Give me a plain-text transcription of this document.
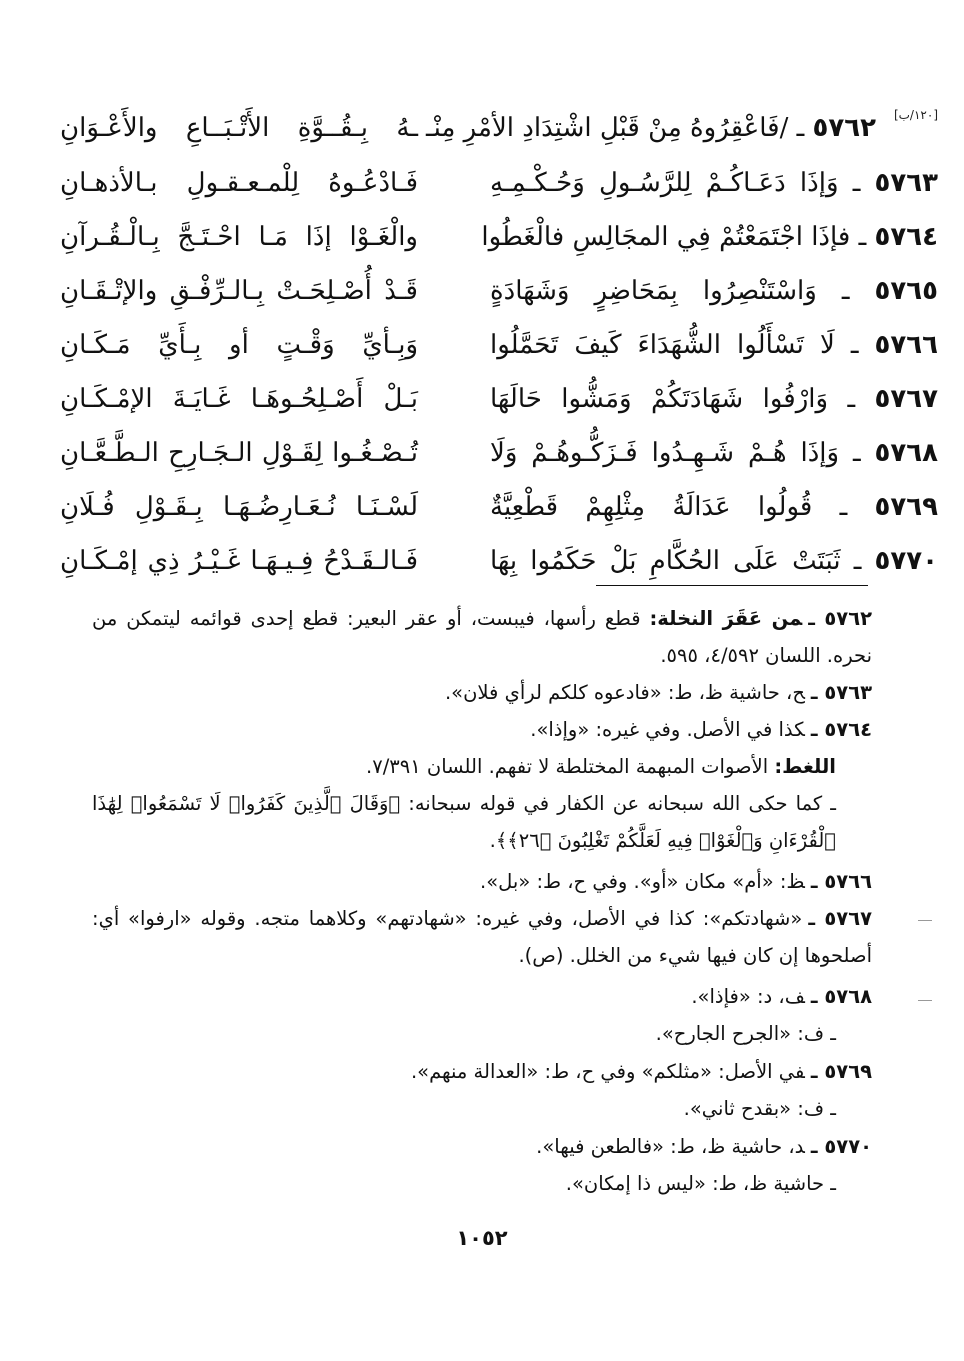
[١٢٠/ب]
٥٧٦٢ ـ /فَاعْقِرُوهُ مِنْ قَبْلِ اشْتِدَادِ الأمْرِ مِنْـ
ـهُ بِـقُــوَّةِ الأَتْـبَــاعِ والأَعْـوَانِ
٥٧٦٣ ـ وَإذَا دَعَـاكُـمْ لِلرَّسُـولِ وَحُـكْـمِـهِ
فَـادْعُـوهُ لِلْمـعـقـولِ بـالأذهـانِ
٥٧٦٤ ـ فإذَا اجْتَمَعْتُمْ فِي المجَالِسِ فالْغَطُوا
والْغَـوْا إذَا مَـا احْـتَـجَّ بِـالْـقُـرآنِ
٥٧٦٥ ـ وَاسْتَنْصِرُوا بِمَحَاضِرٍ وَشَهَادَةٍ
قَـدْ أُصْـلِحَـتْ بِـالـرِّفْـقِ والإتْـقَـانِ
٥٧٦٦ ـ لَا تَسْأَلُوا الشُّهَدَاءَ كَيفَ تَحَمَّلُوا
وَبِـأيِّ وَقْـتٍ أو بِـأَيِّ مَـكَـانِ
٥٧٦٧ ـ وَارْفُوا شَهَادَتَكُمْ وَمَشُّوا حَالَهَا
بَـلْ أَصْـلِحُـوهَـا غَـايَـةَ الإمْـكَـانِ
٥٧٦٨ ـ وَإذَا هُـمْ شَـهِـدُوا فَـزَكُّـوهُـمْ وَلَا
تُـصْـغُـوا لِقَـوْلِ الـجَـارِحِ الـطَّـعَّـانِ
٥٧٦٩ ـ قُولُوا عَدَالَةُ مِثْلِهِمْ قَطْعِيَّةٌ
لَسْـنَـا نُـعَـارِضُـهَـا بِـقَـوْلِ فُـلَانِ
٥٧٧٠ ـ ثَبَتَتْ عَلَى الحُكَّامِ بَلْ حَكَمُوا بِهَا
فَـالـقَـدْحُ فِـيـهَـا غَـيْـرُ ذِي إمْـكَـانِ
٥٧٦٢ ـمن عَقَرَ النخلة: قطع رأسها، فيبست، أو عقر البعير: قطع إحدى قوائمه ليتمكن من نحره. اللسان ٤/٥٩٢، ٥٩٥.
٥٧٦٣ ـح، حاشية ظ، ط: «فادعوه كلكم لرأي فلان».
٥٧٦٤ ـكذا في الأصل. وفي غيره: «وإذا».
اللغط: الأصوات المبهمة المختلطة لا تفهم. اللسان ٧/٣٩١.
ـ كما حكى الله سبحانه عن الكفار في قوله سبحانه: ﴿وَقَالَ ٱلَّذِينَ كَفَرُوا۟ لَا تَسْمَعُوا۟ لِهَٰذَا ٱلْقُرْءَانِ وَٱلْغَوْا۟ فِيهِ لَعَلَّكُمْ تَغْلِبُونَ ﴿٢٦﴾﴾.
٥٧٦٦ ـظ: «أم» مكان «أو». وفي ح، ط: «بل».
٥٧٦٧ ـ«شهادتكم»: كذا في الأصل، وفي غيره: «شهادتهم» وكلاهما متجه. وقوله «ارفوا» أي: أصلحوها إن كان فيها شيء من الخلل. (ص).
٥٧٦٨ ـف، د: «فإذا».
ـ ف: «الجرح الجارح».
٥٧٦٩ ـفي الأصل: «مثلكم» وفي ح، ط: «العدالة منهم».
ـ ف: «بقدح ثاني».
٥٧٧٠ ـد، حاشية ظ، ط: «فالطعن فيها».
ـ حاشية ظ، ط: «ليس ذا إمكان».
١٠٥٢
